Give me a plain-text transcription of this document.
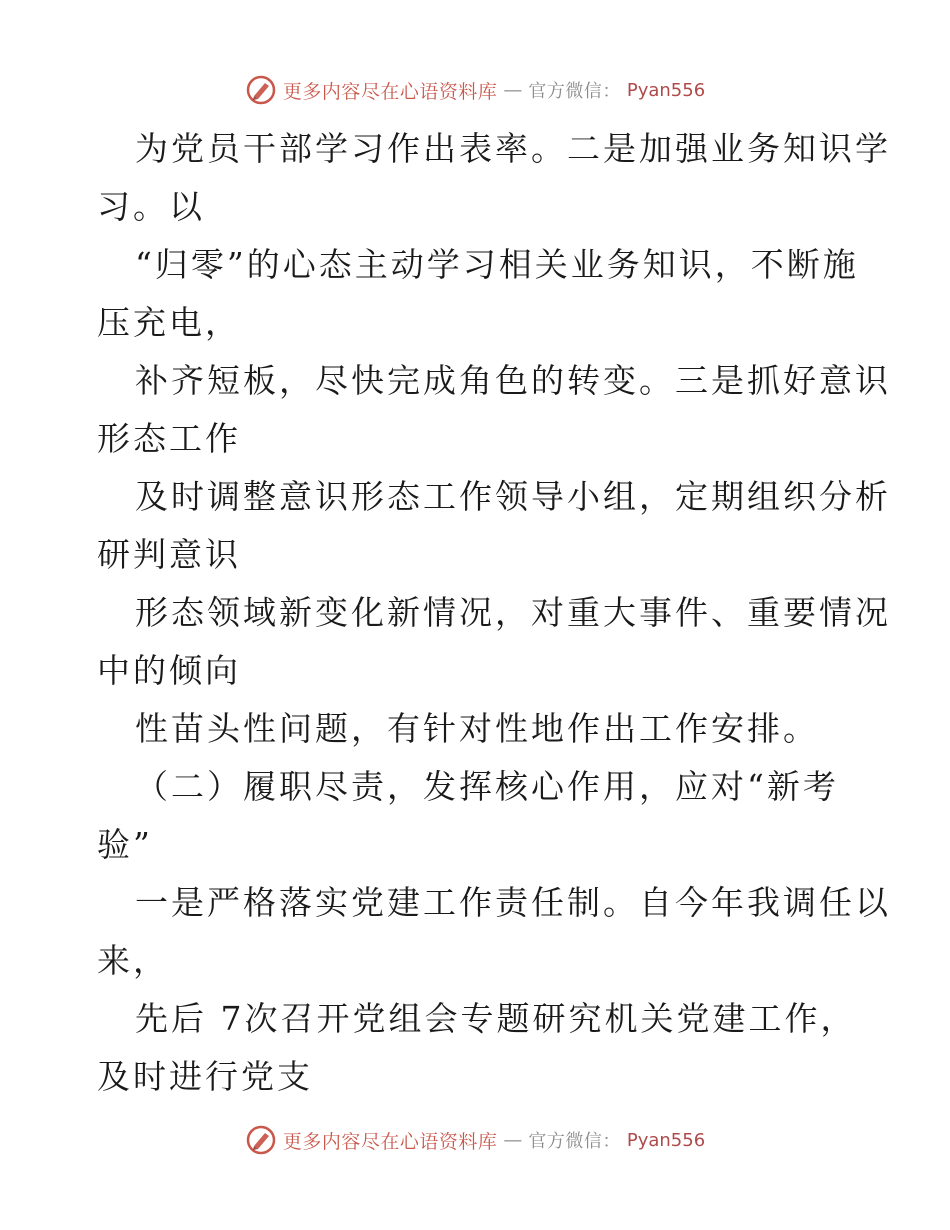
更多内容尽在心语资料库 — 官方微信： Pyan556
为党员干部学习作出表率。二是加强业务知识学
习。以
“归零”的心态主动学习相关业务知识，不断施
压充电，
补齐短板，尽快完成角色的转变。三是抓好意识
形态工作
及时调整意识形态工作领导小组，定期组织分析
研判意识
形态领域新变化新情况，对重大事件、重要情况
中的倾向
性苗头性问题，有针对性地作出工作安排。
（二）履职尽责，发挥核心作用，应对“新考
验”
一是严格落实党建工作责任制。自今年我调任以
来，
先后 7次召开党组会专题研究机关党建工作，
及时进行党支
更多内容尽在心语资料库 — 官方微信： Pyan556
